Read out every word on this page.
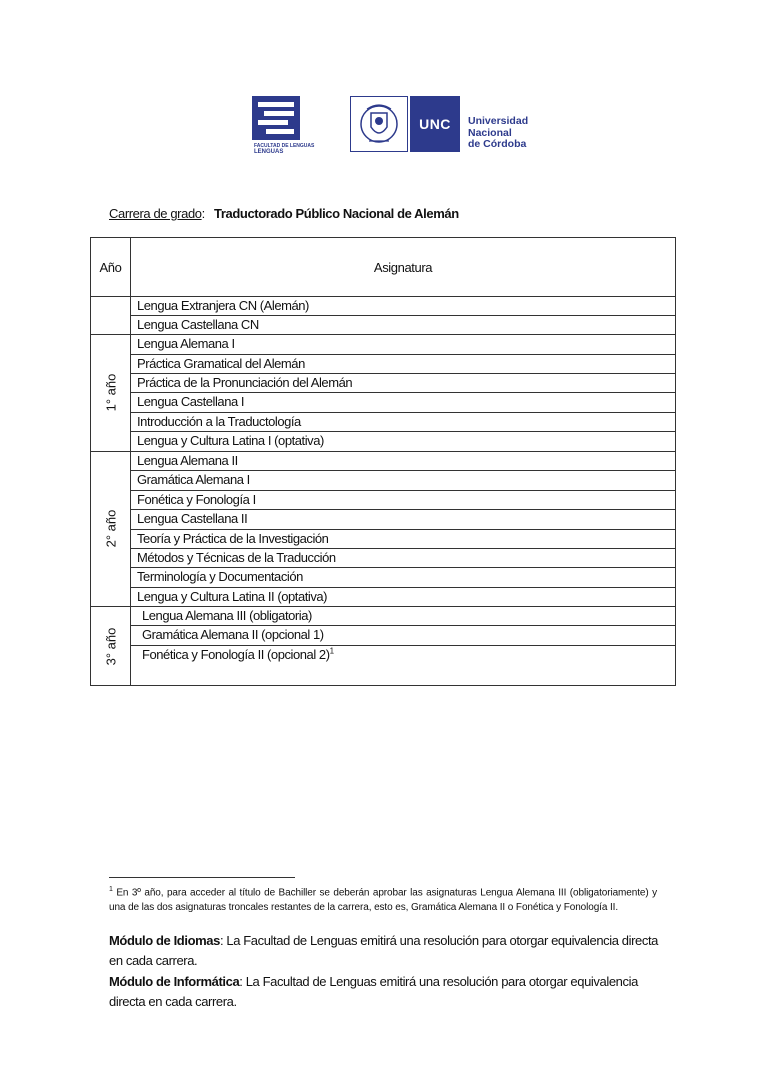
FACULTAD DE LENGUAS
LENGUAS
UNC	Universidad
Nacional
de Córdoba
Carrera de grado: Traductorado Público Nacional de Alemán
Año	Asignatura
Lengua Extranjera CN (Alemán)
Lengua Castellana CN
1° año
Lengua Alemana I
Práctica Gramatical del Alemán
Práctica de la Pronunciación del Alemán
Lengua Castellana I
Introducción a la Traductología
Lengua y Cultura Latina I (optativa)
2° año
Lengua Alemana II
Gramática Alemana I
Fonética y Fonología I
Lengua Castellana II
Teoría y Práctica de la Investigación
Métodos y Técnicas de la Traducción
Terminología y Documentación
Lengua y Cultura Latina II (optativa)
3° año
Lengua Alemana III (obligatoria)
Gramática Alemana II (opcional 1)
Fonética y Fonología II (opcional 2)$^1$
$^1$ En 3º año, para acceder al título de Bachiller se deberán aprobar las asignaturas Lengua Alemana III (obligatoriamente) y una de las dos asignaturas troncales restantes de la carrera, esto es, Gramática Alemana II o Fonética y Fonología II.
Módulo de Idiomas: La Facultad de Lenguas emitirá una resolución para otorgar equivalencia directa en cada carrera.
Módulo de Informática: La Facultad de Lenguas emitirá una resolución para otorgar equivalencia directa en cada carrera.
